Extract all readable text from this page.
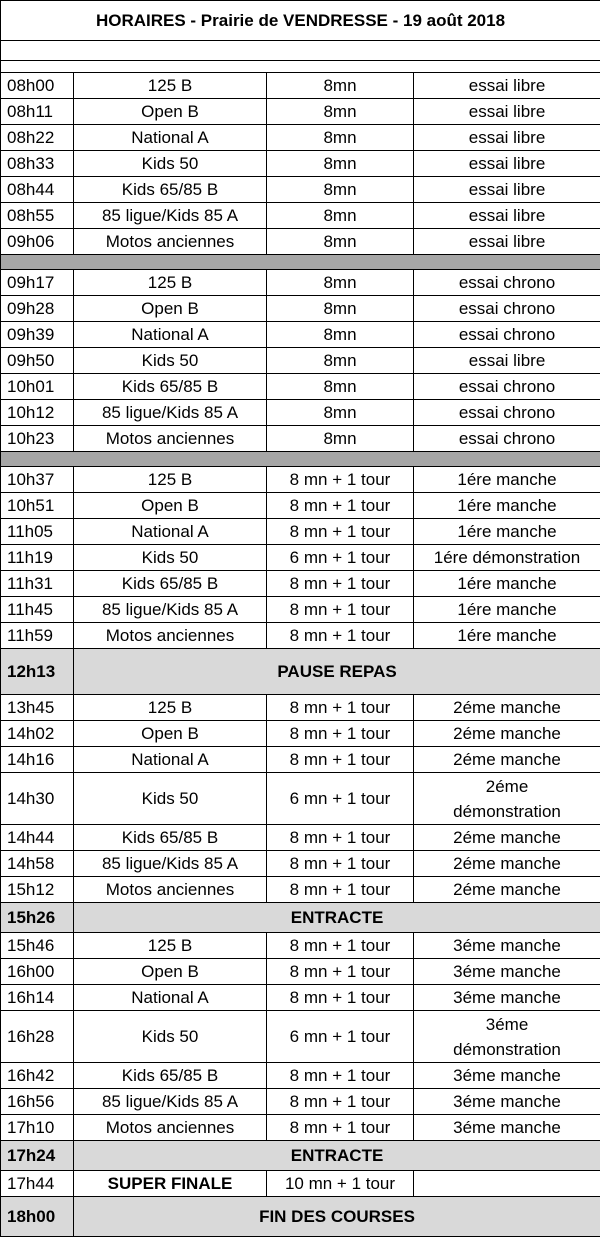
HORAIRES - Prairie de VENDRESSE - 19 août 2018			

08h00	125 B	8mn	essai libre
08h11	Open B	8mn	essai libre
08h22	National A	8mn	essai libre
08h33	Kids 50	8mn	essai libre
08h44	Kids 65/85 B	8mn	essai libre
08h55	85 ligue/Kids 85 A	8mn	essai libre
09h06	Motos anciennes	8mn	essai libre

09h17	125 B	8mn	essai chrono
09h28	Open B	8mn	essai chrono
09h39	National A	8mn	essai chrono
09h50	Kids 50	8mn	essai libre
10h01	Kids 65/85 B	8mn	essai chrono
10h12	85 ligue/Kids 85 A	8mn	essai chrono
10h23	Motos anciennes	8mn	essai chrono

10h37	125 B	8 mn + 1 tour	1ére manche
10h51	Open B	8 mn + 1 tour	1ére manche
11h05	National A	8 mn + 1 tour	1ére manche
11h19	Kids 50	6 mn + 1 tour	1ére démonstration
11h31	Kids 65/85 B	8 mn + 1 tour	1ére manche
11h45	85 ligue/Kids 85 A	8 mn + 1 tour	1ére manche
11h59	Motos anciennes	8 mn + 1 tour	1ére manche
12h13	PAUSE REPAS		
13h45	125 B	8 mn + 1 tour	2éme manche
14h02	Open B	8 mn + 1 tour	2éme manche
14h16	National A	8 mn + 1 tour	2éme manche
14h30	Kids 50	6 mn + 1 tour	2éme
démonstration

14h44	Kids 65/85 B	8 mn + 1 tour	2éme manche
14h58	85 ligue/Kids 85 A	8 mn + 1 tour	2éme manche
15h12	Motos anciennes	8 mn + 1 tour	2éme manche
15h26	ENTRACTE		
15h46	125 B	8 mn + 1 tour	3éme manche
16h00	Open B	8 mn + 1 tour	3éme manche
16h14	National A	8 mn + 1 tour	3éme manche
16h28	Kids 50	6 mn + 1 tour	3éme
démonstration

16h42	Kids 65/85 B	8 mn + 1 tour	3éme manche
16h56	85 ligue/Kids 85 A	8 mn + 1 tour	3éme manche
17h10	Motos anciennes	8 mn + 1 tour	3éme manche
17h24	ENTRACTE		
17h44	SUPER FINALE	10 mn + 1 tour	
18h00	FIN DES COURSES		
